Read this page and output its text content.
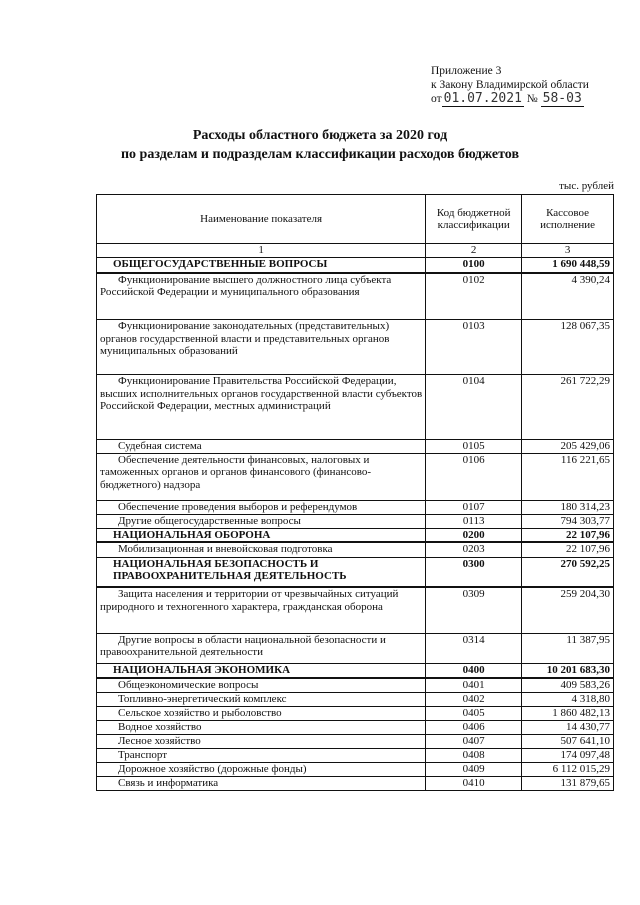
Приложение 3
к Закону Владимирской области
от 01.07.2021 № 58-03
Расходы областного бюджета за 2020 год
по разделам и подразделам классификации расходов бюджетов
тыс. рублей
Наименование показателя	Код бюджетной классификации	Кассовое исполнение
1	2	3
ОБЩЕГОСУДАРСТВЕННЫЕ ВОПРОСЫ	0100	1 690 448,59
Функционирование высшего должностного лица субъекта Российской Федерации и муниципального образования	0102	4 390,24
Функционирование законодательных (представительных) органов государственной власти и представительных органов муниципальных образований	0103	128 067,35
Функционирование Правительства Российской Федерации, высших исполнительных органов государственной власти субъектов Российской Федерации, местных администраций	0104	261 722,29
Судебная система	0105	205 429,06
Обеспечение деятельности финансовых, налоговых и таможенных органов и органов финансового (финансово-бюджетного) надзора	0106	116 221,65
Обеспечение проведения выборов и референдумов	0107	180 314,23
Другие общегосударственные вопросы	0113	794 303,77
НАЦИОНАЛЬНАЯ ОБОРОНА	0200	22 107,96
Мобилизационная и вневойсковая подготовка	0203	22 107,96
НАЦИОНАЛЬНАЯ БЕЗОПАСНОСТЬ И ПРАВООХРАНИТЕЛЬНАЯ ДЕЯТЕЛЬНОСТЬ	0300	270 592,25
Защита населения и территории от чрезвычайных ситуаций природного и техногенного характера, гражданская оборона	0309	259 204,30
Другие вопросы в области национальной безопасности и правоохранительной деятельности	0314	11 387,95
НАЦИОНАЛЬНАЯ ЭКОНОМИКА	0400	10 201 683,30
Общеэкономические вопросы	0401	409 583,26
Топливно-энергетический комплекс	0402	4 318,80
Сельское хозяйство и рыболовство	0405	1 860 482,13
Водное хозяйство	0406	14 430,77
Лесное хозяйство	0407	507 641,10
Транспорт	0408	174 097,48
Дорожное хозяйство (дорожные фонды)	0409	6 112 015,29
Связь и информатика	0410	131 879,65
